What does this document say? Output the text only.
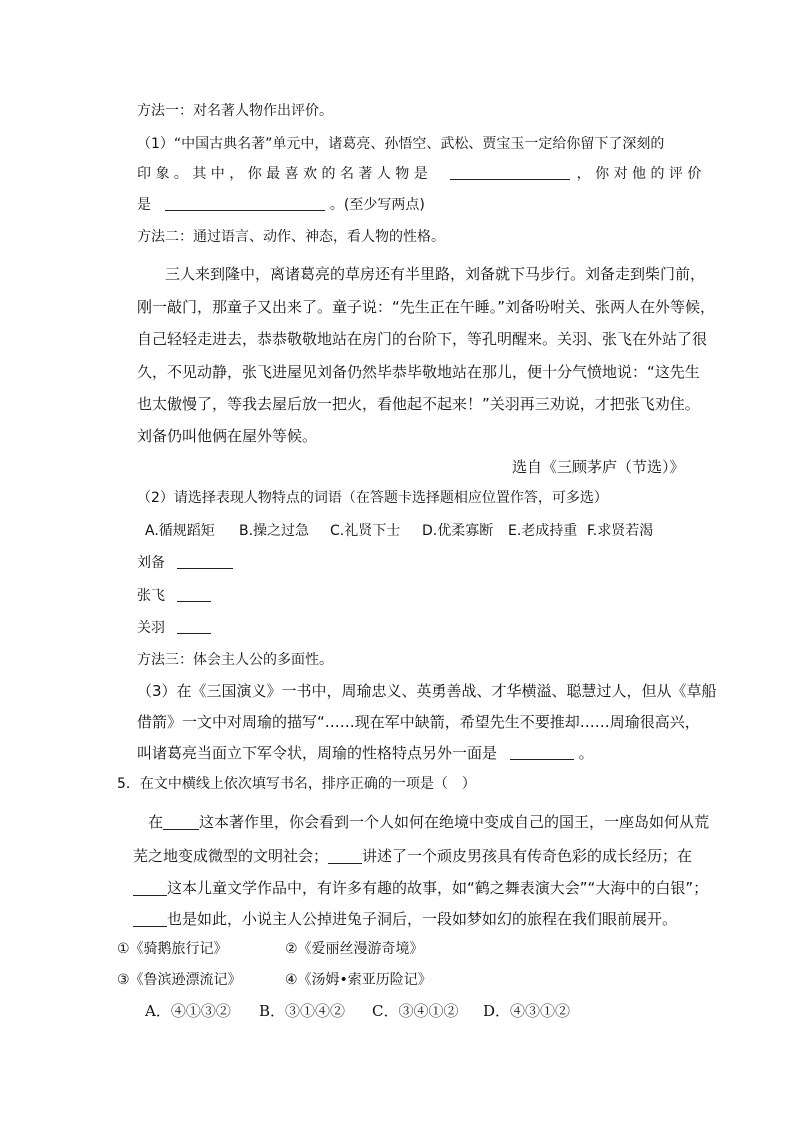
方法一：对名著人物作出评价。
（1）“中国古典名著”单元中，诸葛亮、孙悟空、武松、贾宝玉一定给你留下了深刻的
印 象 。 其 中 ， 你 最 喜 欢 的 名 著 人 物 是	， 你 对 他 的 评 价
是	。(至少写两点)
方法二：通过语言、动作、神态，看人物的性格。
三人来到隆中，离诸葛亮的草房还有半里路，刘备就下马步行。刘备走到柴门前，
刚一敲门，那童子又出来了。童子说：“先生正在午睡。”刘备吩咐关、张两人在外等候，
自己轻轻走进去，恭恭敬敬地站在房门的台阶下，等孔明醒来。关羽、张飞在外站了很
久，不见动静，张飞进屋见刘备仍然毕恭毕敬地站在那儿，便十分气愤地说：“这先生
也太傲慢了，等我去屋后放一把火，看他起不起来！”关羽再三劝说，才把张飞劝住。
刘备仍叫他俩在屋外等候。
选自《三顾茅庐（节选）》
（2）请选择表现人物特点的词语（在答题卡选择题相应位置作答，可多选）
A.循规蹈矩 B.操之过急 C.礼贤下士 D.优柔寡断 E.老成持重 F.求贤若渴
刘备
张飞
关羽
方法三：体会主人公的多面性。
（3）在《三国演义》一书中，周瑜忠义、英勇善战、才华横溢、聪慧过人，但从《草船
借箭》一文中对周瑜的描写“……现在军中缺箭，希望先生不要推却……周瑜很高兴，
叫诸葛亮当面立下军令状，周瑜的性格特点另外一面是	。
5．在文中横线上依次填写书名，排序正确的一项是（　）
在 这本著作里，你会看到一个人如何在绝境中变成自己的国王，一座岛如何从荒
芜之地变成微型的文明社会； 讲述了一个顽皮男孩具有传奇色彩的成长经历；在
这本儿童文学作品中，有许多有趣的故事，如“鹤之舞表演大会”“大海中的白银”；
也是如此，小说主人公掉进兔子洞后，一段如梦如幻的旅程在我们眼前展开。
①《骑鹅旅行记》	②《爱丽丝漫游奇境》
③《鲁滨逊漂流记》	④《汤姆•索亚历险记》
A．④①③② B．③①④② C．③④①② D．④③①②
